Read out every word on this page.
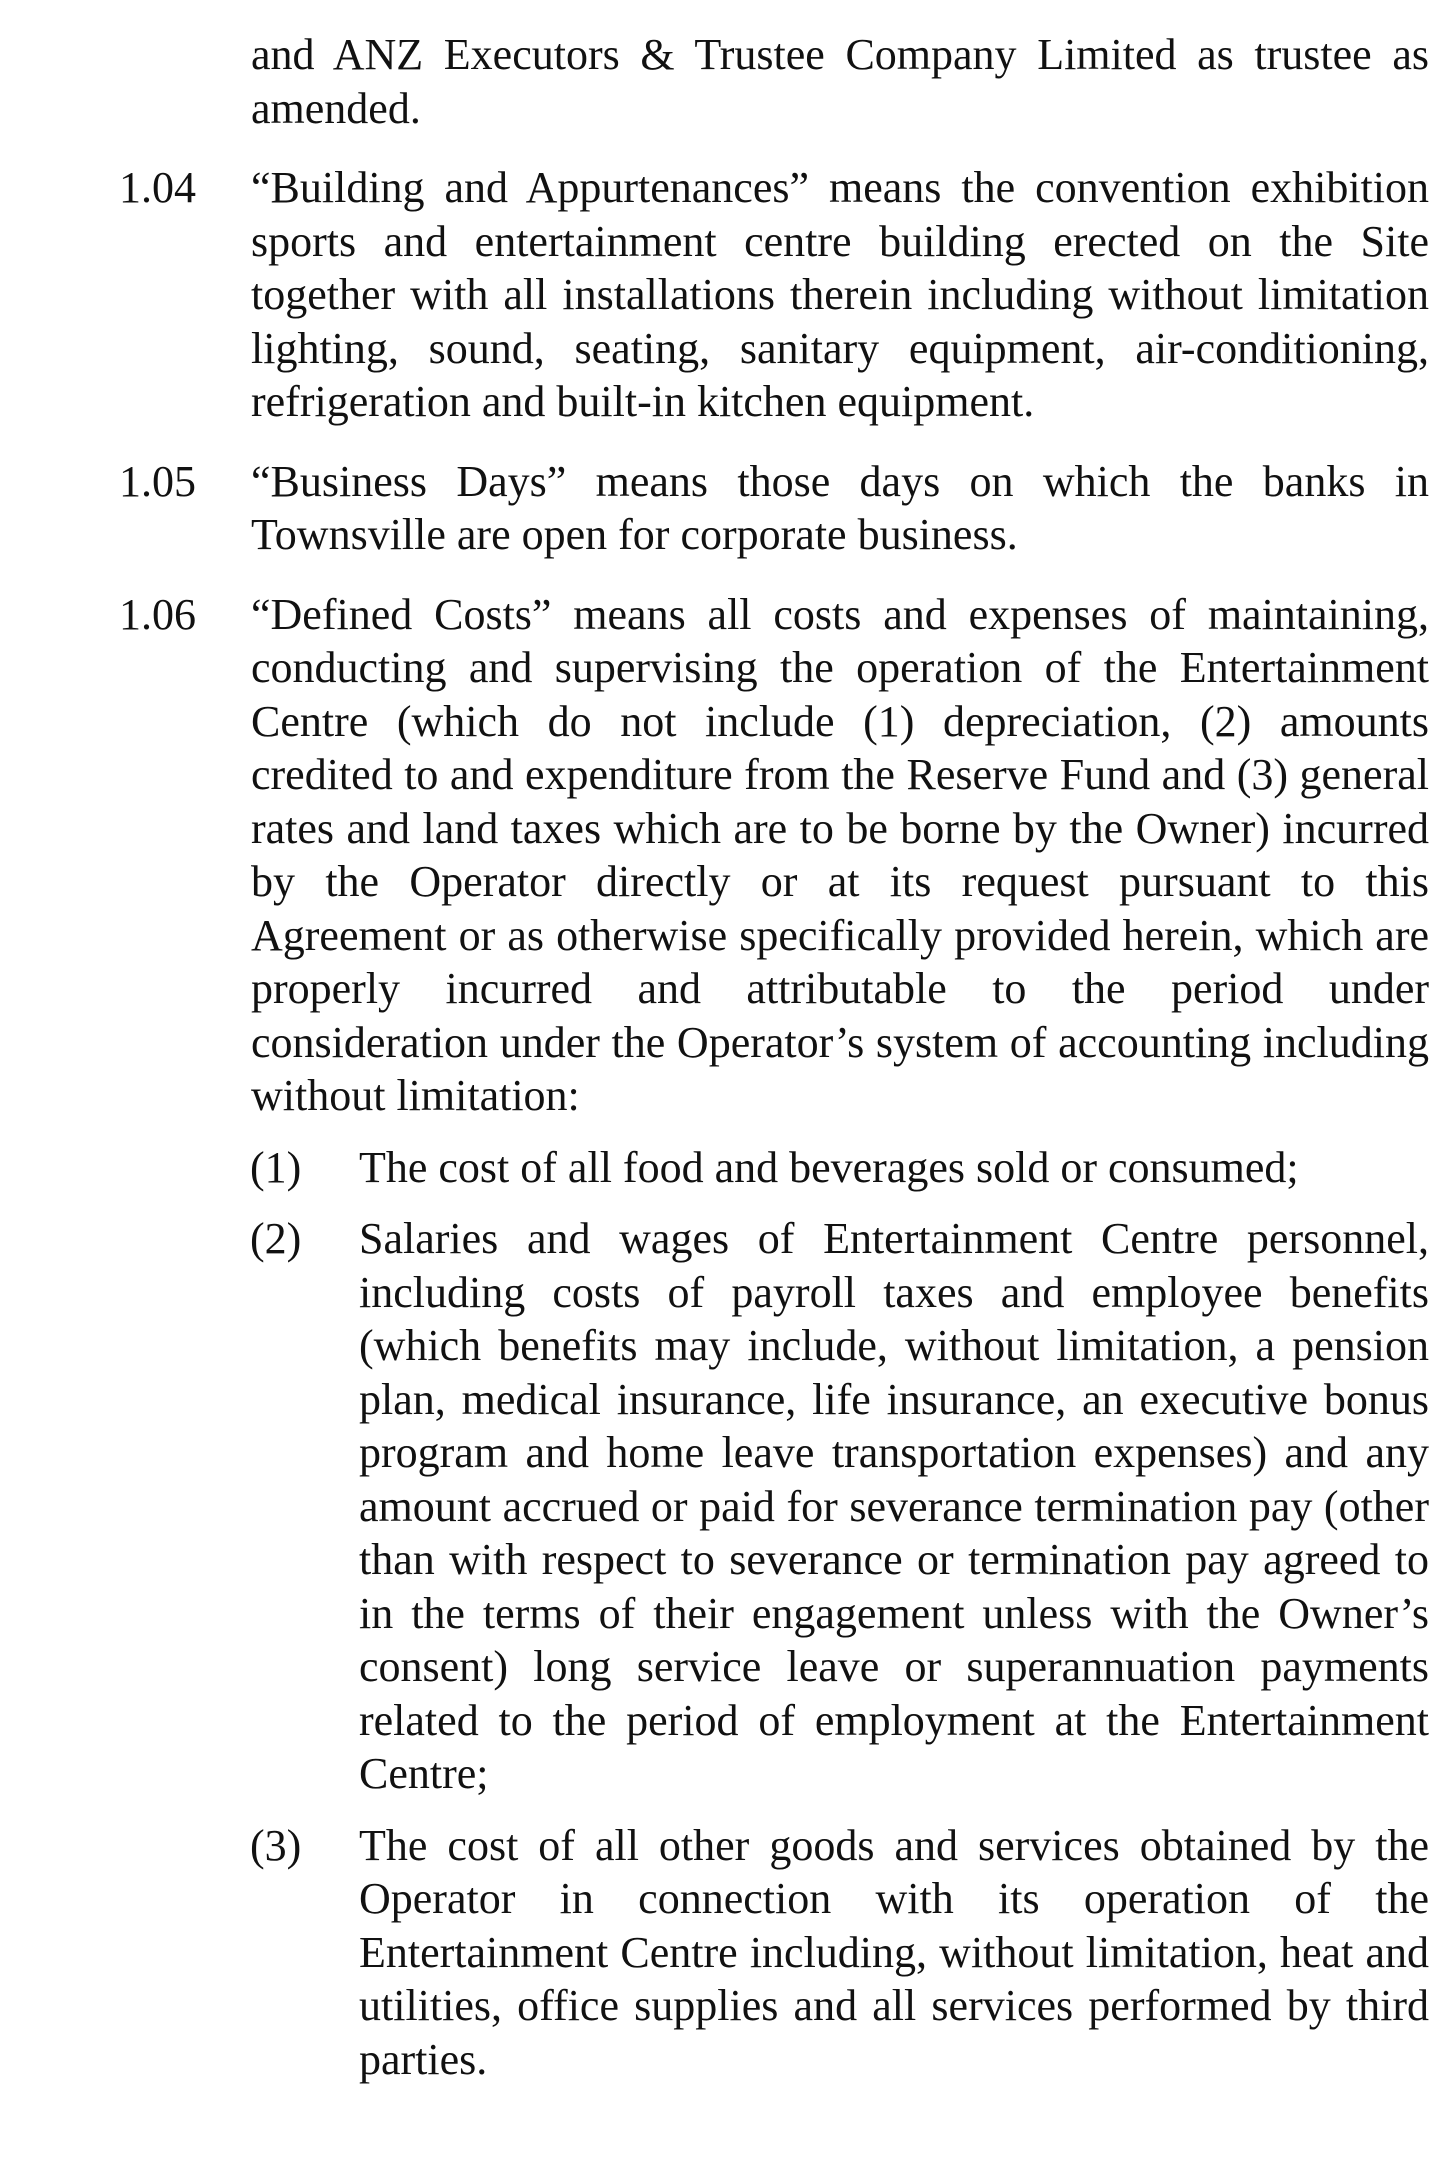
and ANZ Executors & Trustee Company Limited as trustee as amended.
1.04 “Building and Appurtenances” means the convention exhibition sports and entertainment centre building erected on the Site together with all installations therein including without limitation lighting, sound, seating, sanitary equipment, air-conditioning, refrigeration and built-in kitchen equipment.
1.05 “Business Days” means those days on which the banks in Townsville are open for corporate business.
1.06 “Defined Costs” means all costs and expenses of maintaining, conducting and supervising the operation of the Entertainment Centre (which do not include (1) depreciation, (2) amounts credited to and expenditure from the Reserve Fund and (3) general rates and land taxes which are to be borne by the Owner) incurred by the Operator directly or at its request pursuant to this Agreement or as otherwise specifically provided herein, which are properly incurred and attributable to the period under consideration under the Operator’s system of accounting including without limitation:
(1) The cost of all food and beverages sold or consumed;
(2) Salaries and wages of Entertainment Centre personnel, including costs of payroll taxes and employee benefits (which benefits may include, without limitation, a pension plan, medical insurance, life insurance, an executive bonus program and home leave transportation expenses) and any amount accrued or paid for severance termination pay (other than with respect to severance or termination pay agreed to in the terms of their engagement unless with the Owner’s consent) long service leave or superannuation payments related to the period of employment at the Entertainment Centre;
(3) The cost of all other goods and services obtained by the Operator in connection with its operation of the Entertainment Centre including, without limitation, heat and utilities, office supplies and all services performed by third parties.
